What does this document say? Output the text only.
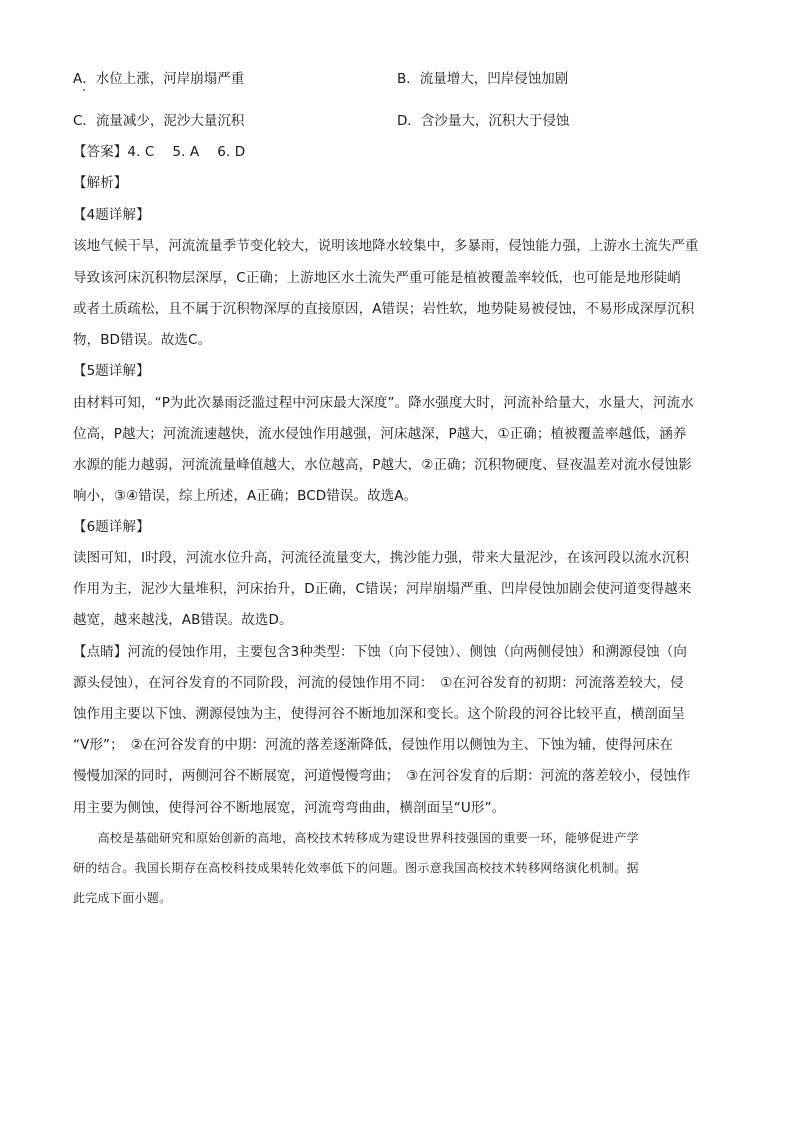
A．水位上涨，河岸崩塌严重	B．流量增大，凹岸侵蚀加剧
C．流量减少，泥沙大量沉积	D．含沙量大，沉积大于侵蚀
【答案】4. C 5. A 6. D
【解析】
【4题详解】
该地气候干旱，河流流量季节变化较大，说明该地降水较集中，多暴雨，侵蚀能力强，上游水土流失严重
导致该河床沉积物层深厚，C正确；上游地区水土流失严重可能是植被覆盖率较低，也可能是地形陡峭
或者土质疏松，且不属于沉积物深厚的直接原因，A错误；岩性软，地势陡易被侵蚀，不易形成深厚沉积
物，BD错误。故选C。
【5题详解】
由材料可知，“P为此次暴雨泛滥过程中河床最大深度”。降水强度大时，河流补给量大，水量大，河流水
位高，P越大；河流流速越快，流水侵蚀作用越强，河床越深，P越大，①正确；植被覆盖率越低，涵养
水源的能力越弱，河流流量峰值越大，水位越高，P越大，②正确；沉积物硬度、昼夜温差对流水侵蚀影
响小，③④错误，综上所述，A正确；BCD错误。故选A。
【6题详解】
读图可知，Ⅰ时段，河流水位升高，河流径流量变大，携沙能力强，带来大量泥沙，在该河段以流水沉积
作用为主，泥沙大量堆积，河床抬升，D正确，C错误；河岸崩塌严重、凹岸侵蚀加剧会使河道变得越来
越宽，越来越浅，AB错误。故选D。
【点睛】河流的侵蚀作用，主要包含3种类型：下蚀（向下侵蚀）、侧蚀（向两侧侵蚀）和溯源侵蚀（向
源头侵蚀），在河谷发育的不同阶段，河流的侵蚀作用不同：　①在河谷发育的初期：河流落差较大，侵
蚀作用主要以下蚀、溯源侵蚀为主，使得河谷不断地加深和变长。这个阶段的河谷比较平直，横剖面呈
“V形”；　②在河谷发育的中期：河流的落差逐渐降低，侵蚀作用以侧蚀为主、下蚀为辅，使得河床在
慢慢加深的同时，两侧河谷不断展宽，河道慢慢弯曲；　③在河谷发育的后期：河流的落差较小，侵蚀作
用主要为侧蚀，使得河谷不断地展宽，河流弯弯曲曲，横剖面呈“U形”。
　　高校是基础研究和原始创新的高地，高校技术转移成为建设世界科技强国的重要一环，能够促进产学
研的结合。我国长期存在高校科技成果转化效率低下的问题。图示意我国高校技术转移网络演化机制。据
此完成下面小题。
